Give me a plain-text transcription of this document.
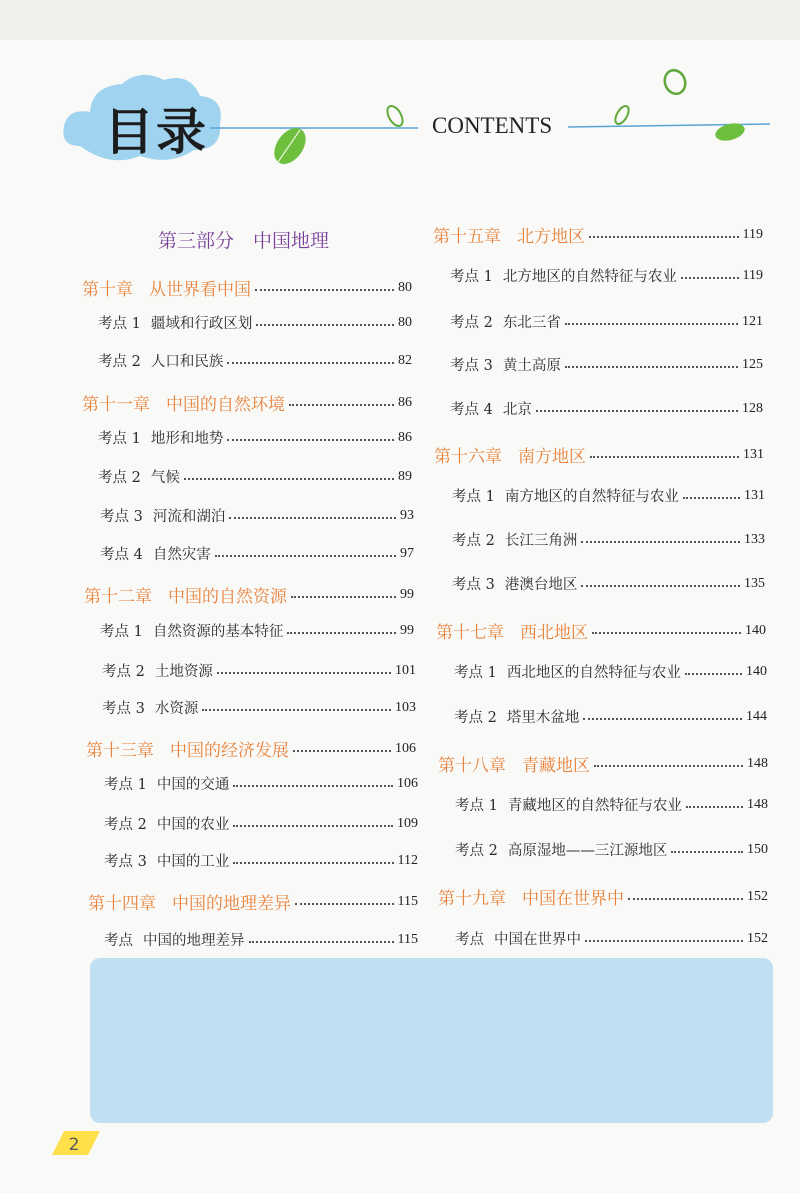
目录	CONTENTS
第三部分　中国地理
第十章 从世界看中国	80
考点 1 疆域和行政区划	80
考点 2 人口和民族	82
第十一章 中国的自然环境	86
考点 1 地形和地势	86
考点 2 气候	89
考点 3 河流和湖泊	93
考点 4 自然灾害	97
第十二章 中国的自然资源	99
考点 1 自然资源的基本特征	99
考点 2 土地资源	101
考点 3 水资源	103
第十三章 中国的经济发展	106
考点 1 中国的交通	106
考点 2 中国的农业	109
考点 3 中国的工业	112
第十四章 中国的地理差异	115
考点 中国的地理差异	115
第十五章 北方地区	119
考点 1 北方地区的自然特征与农业	119
考点 2 东北三省	121
考点 3 黄土高原	125
考点 4 北京	128
第十六章 南方地区	131
考点 1 南方地区的自然特征与农业	131
考点 2 长江三角洲	133
考点 3 港澳台地区	135
第十七章 西北地区	140
考点 1 西北地区的自然特征与农业	140
考点 2 塔里木盆地	144
第十八章 青藏地区	148
考点 1 青藏地区的自然特征与农业	148
考点 2 高原湿地——三江源地区	150
第十九章 中国在世界中	152
考点 中国在世界中	152
2
